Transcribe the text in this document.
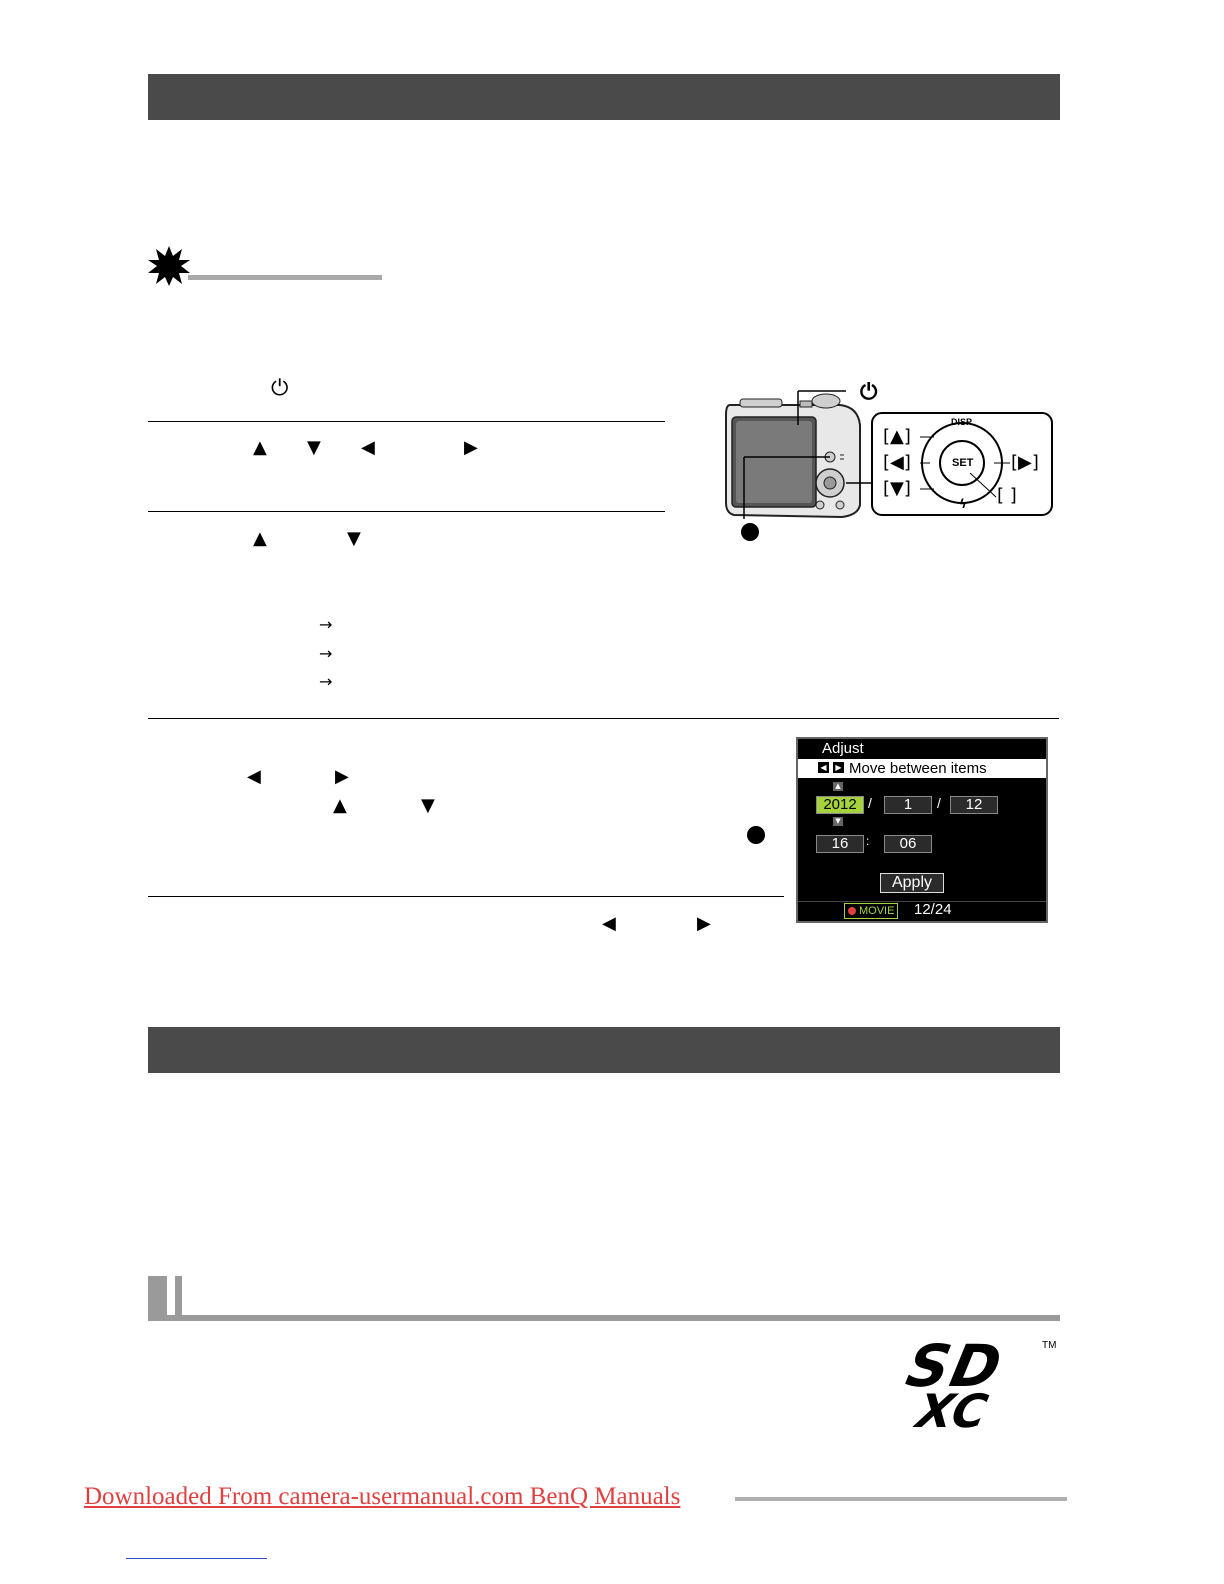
⏻
▲ ▼ ◀	▶
▲	▼
→
→
→
◀	▶
▲	▼
◀	▶
⏻
DISP
SET
[▲]
[◀]
[▼]
[▶]
[ ]
ϟ
Adjust
◀	▶ Move between items
▲
2012 /	1	/	12
▼
16	:	06
Apply
MOVIE 12/24
SD
XC
TM
Downloaded From camera-usermanual.com BenQ Manuals
